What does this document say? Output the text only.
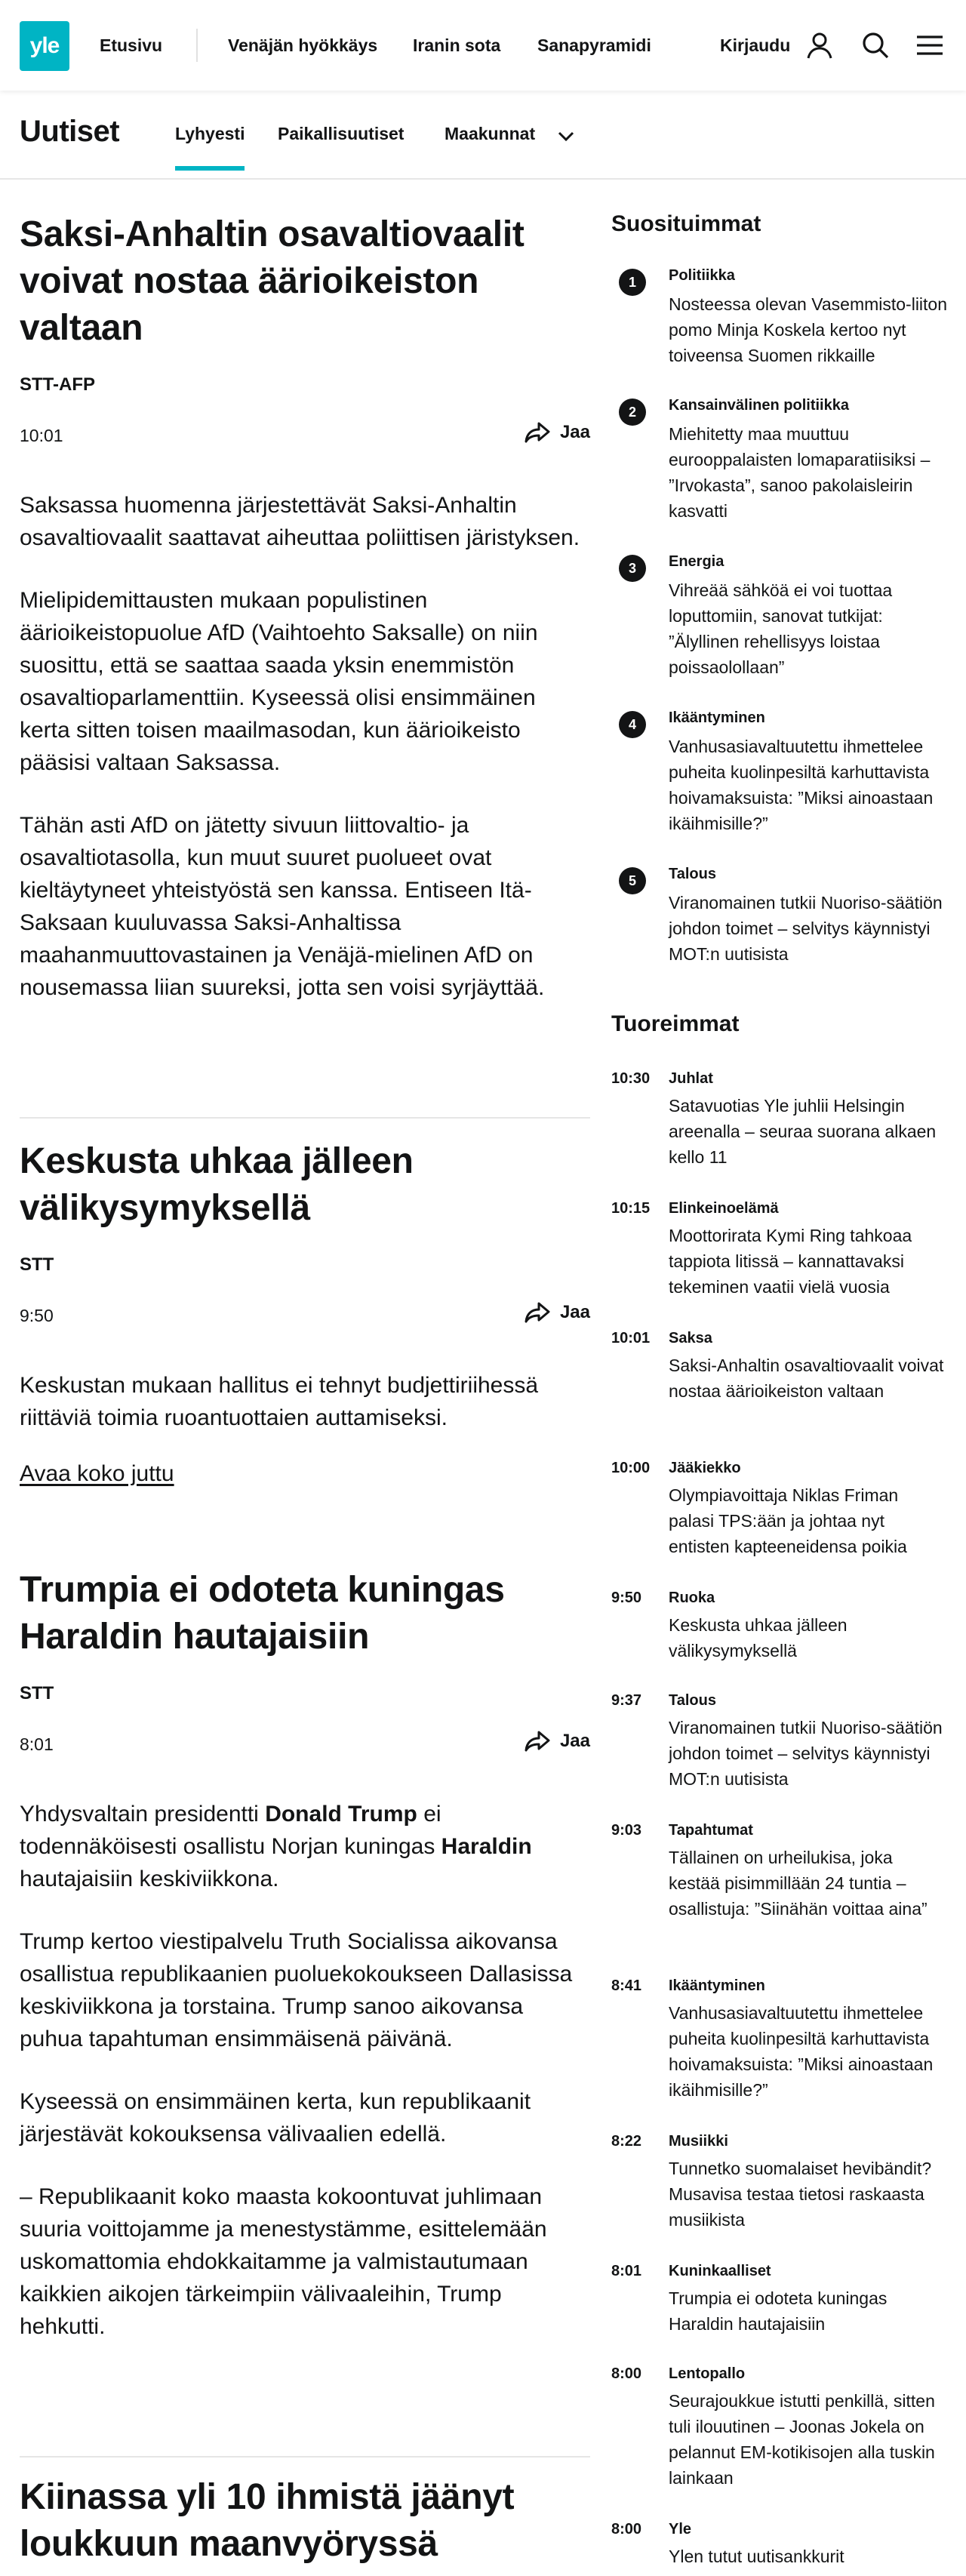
yle	Etusivu	Venäjän hyökkäys Iranin sota Sanapyramidi	Kirjaudu
Uutiset	Lyhyesti Paikallisuutiset Maakunnat
Saksi-Anhaltin osavaltiovaalit voivat nostaa äärioikeiston valtaan
STT-AFP
10:01	Jaa

Saksassa huomenna järjestettävät Saksi-Anhaltin osavaltiovaalit saattavat aiheuttaa poliittisen järistyksen.

Mielipidemittausten mukaan populistinen äärioikeistopuolue AfD (Vaihtoehto Saksalle) on niin suosittu, että se saattaa saada yksin enemmistön osavaltioparlamenttiin. Kyseessä olisi ensimmäinen kerta sitten toisen maailmasodan, kun äärioikeisto pääsisi valtaan Saksassa.

Tähän asti AfD on jätetty sivuun liittovaltio- ja osavaltiotasolla, kun muut suuret puolueet ovat kieltäytyneet yhteistyöstä sen kanssa. Entiseen Itä-Saksaan kuuluvassa Saksi-Anhaltissa maahanmuuttovastainen ja Venäjä-mielinen AfD on nousemassa liian suureksi, jotta sen voisi syrjäyttää.

Keskusta uhkaa jälleen välikysymyksellä
STT
9:50	Jaa

Keskustan mukaan hallitus ei tehnyt budjettiriihessä riittäviä toimia ruoantuottaien auttamiseksi.

Avaa koko juttu
Trumpia ei odoteta kuningas Haraldin hautajaisiin
STT
8:01	Jaa

Yhdysvaltain presidentti Donald Trump ei todennäköisesti osallistu Norjan kuningas Haraldin hautajaisiin keskiviikkona.

Trump kertoo viestipalvelu Truth Socialissa aikovansa osallistua republikaanien puoluekokoukseen Dallasissa keskiviikkona ja torstaina. Trump sanoo aikovansa puhua tapahtuman ensimmäisenä päivänä.

Kyseessä on ensimmäinen kerta, kun republikaanit järjestävät kokouksensa välivaalien edellä.

– Republikaanit koko maasta kokoontuvat juhlimaan suuria voittojamme ja menestystämme, esittelemään uskomattomia ehdokkaitamme ja valmistautumaan kaikkien aikojen tärkeimpiin välivaaleihin, Trump hehkutti.

Kiinassa yli 10 ihmistä jäänyt loukkuun maanvyöryssä
Suosituimmat
1	Politiikka
Nosteessa olevan Vasemmisto-liiton pomo Minja Koskela kertoo nyt toiveensa Suomen rikkaille
2	Kansainvälinen politiikka
Miehitetty maa muuttuu eurooppalaisten lomaparatiisiksi – ”Irvokasta”, sanoo pakolaisleirin kasvatti
3	Energia
Vihreää sähköä ei voi tuottaa loputtomiin, sanovat tutkijat: ”Älyllinen rehellisyys loistaa poissaolollaan”
4	Ikääntyminen
Vanhusasiavaltuutettu ihmettelee puheita kuolinpesiltä karhuttavista hoivamaksuista: ”Miksi ainoastaan ikäihmisille?”
5	Talous
Viranomainen tutkii Nuoriso-säätiön johdon toimet – selvitys käynnistyi MOT:n uutisista
Tuoreimmat
10:30 Juhlat
Satavuotias Yle juhlii Helsingin areenalla – seuraa suorana alkaen kello 11
10:15 Elinkeinoelämä
Moottorirata Kymi Ring tahkoaa tappiota litissä – kannattavaksi tekeminen vaatii vielä vuosia
10:01 Saksa
Saksi-Anhaltin osavaltiovaalit voivat nostaa äärioikeiston valtaan
10:00 Jääkiekko
Olympiavoittaja Niklas Friman palasi TPS:ään ja johtaa nyt entisten kapteeneidensa poikia
9:50 Ruoka
Keskusta uhkaa jälleen välikysymyksellä
9:37 Talous
Viranomainen tutkii Nuoriso-säätiön johdon toimet – selvitys käynnistyi MOT:n uutisista
9:03 Tapahtumat
Tällainen on urheilukisa, joka kestää pisimmillään 24 tuntia – osallistuja: ”Siinähän voittaa aina”
8:41 Ikääntyminen
Vanhusasiavaltuutettu ihmettelee puheita kuolinpesiltä karhuttavista hoivamaksuista: ”Miksi ainoastaan ikäihmisille?”
8:22 Musiikki
Tunnetko suomalaiset hevibändit? Musavisa testaa tietosi raskaasta musiikista
8:01 Kuninkaalliset
Trumpia ei odoteta kuningas Haraldin hautajaisiin
8:00 Lentopallo
Seurajoukkue istutti penkillä, sitten tuli ilouutinen – Joonas Jokela on pelannut EM-kotikisojen alla tuskin lainkaan
8:00 Yle
Ylen tutut uutisankkurit
